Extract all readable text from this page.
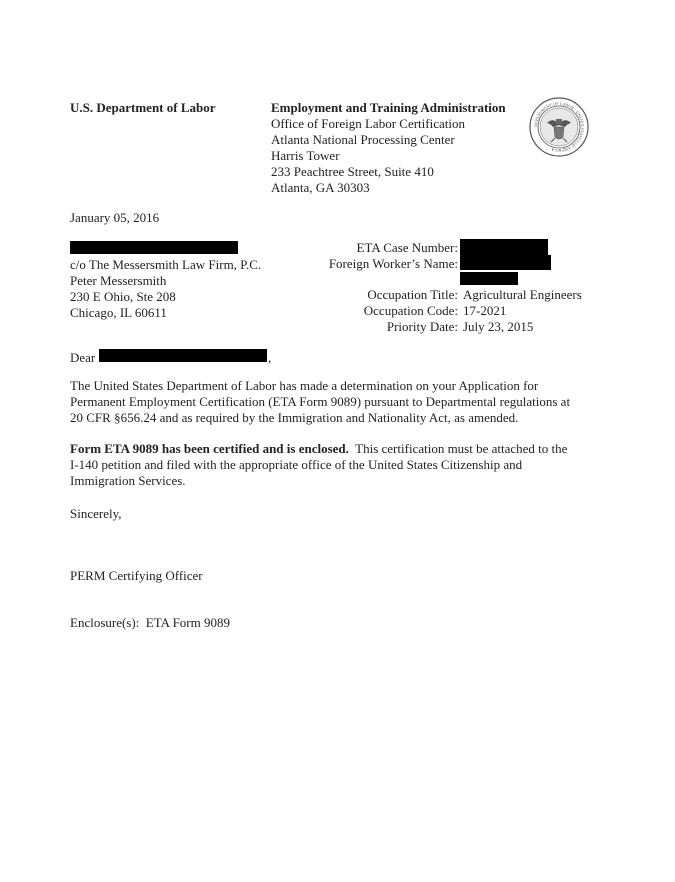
U.S. Department of Labor	Employment and Training Administration
Office of Foreign Labor Certification
Atlanta National Processing Center
Harris Tower
233 Peachtree Street, Suite 410
Atlanta, GA 30303
DEPARTMENT OF LABOR · UNITED STATES OF AMERICA
January 05, 2016
c/o The Messersmith Law Firm, P.C.
Peter Messersmith
230 E Ohio, Ste 208
Chicago, IL 60611
ETA Case Number:
Foreign Worker’s Name:
Occupation Title: Agricultural Engineers
Occupation Code: 17-2021
Priority Date: July 23, 2015
Dear	,
The United States Department of Labor has made a determination on your Application for
Permanent Employment Certification (ETA Form 9089) pursuant to Departmental regulations at
20 CFR §656.24 and as required by the Immigration and Nationality Act, as amended.
Form ETA 9089 has been certified and is enclosed. This certification must be attached to the
I-140 petition and filed with the appropriate office of the United States Citizenship and
Immigration Services.
Sincerely,
PERM Certifying Officer
Enclosure(s):  ETA Form 9089
